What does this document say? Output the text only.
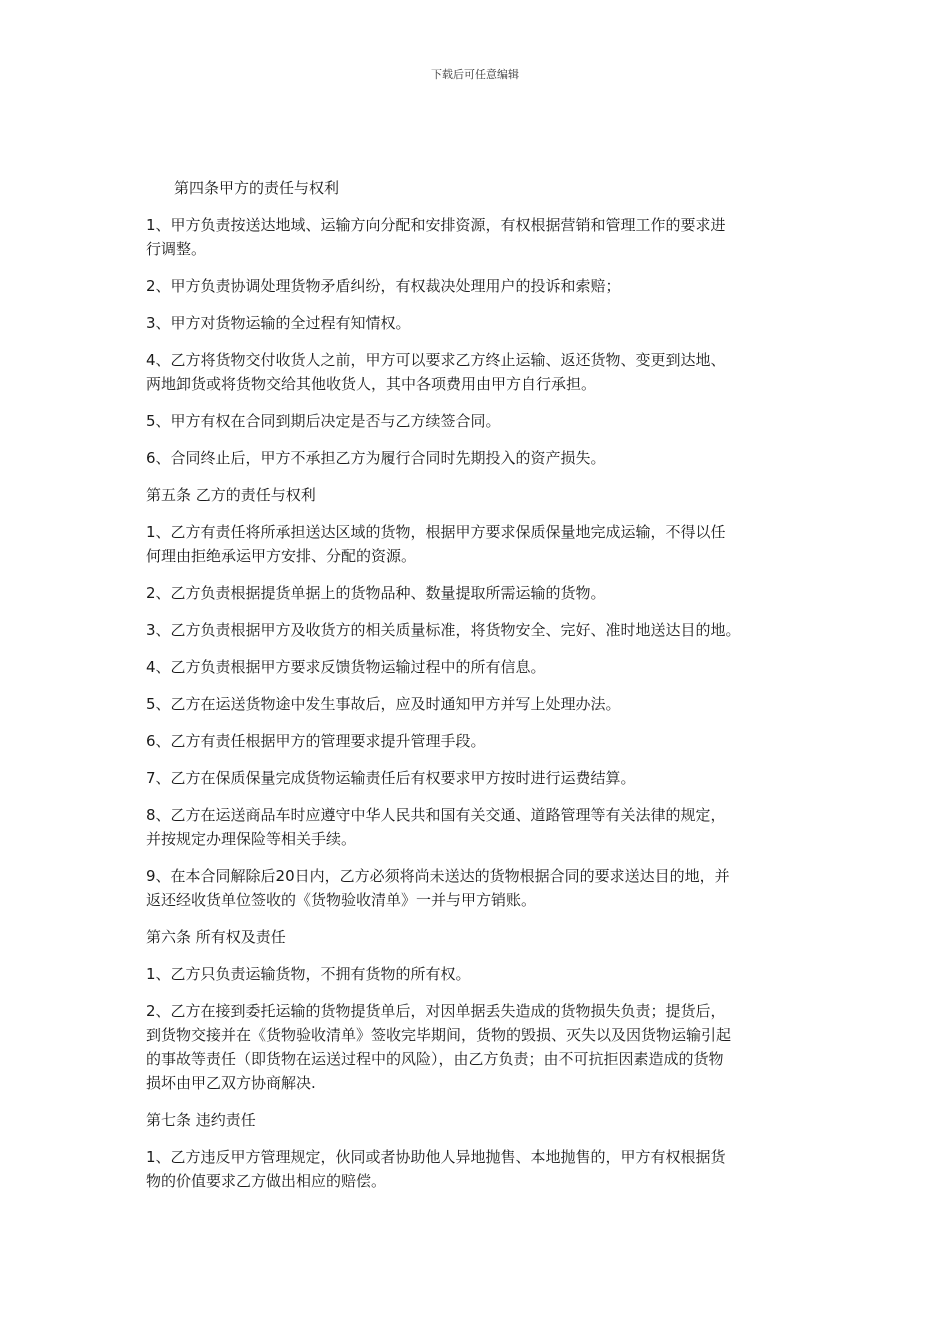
下载后可任意编辑

第四条甲方的责任与权利

1、甲方负责按送达地域、运输方向分配和安排资源，有权根据营销和管理工作的要求进

行调整。

2、甲方负责协调处理货物矛盾纠纷，有权裁决处理用户的投诉和索赔；

3、甲方对货物运输的全过程有知情权。

4、乙方将货物交付收货人之前，甲方可以要求乙方终止运输、返还货物、变更到达地、

两地卸货或将货物交给其他收货人，其中各项费用由甲方自行承担。

5、甲方有权在合同到期后决定是否与乙方续签合同。

6、合同终止后，甲方不承担乙方为履行合同时先期投入的资产损失。

第五条 乙方的责任与权利

1、乙方有责任将所承担送达区域的货物，根据甲方要求保质保量地完成运输，不得以任

何理由拒绝承运甲方安排、分配的资源。

2、乙方负责根据提货单据上的货物品种、数量提取所需运输的货物。

3、乙方负责根据甲方及收货方的相关质量标准，将货物安全、完好、准时地送达目的地。

4、乙方负责根据甲方要求反馈货物运输过程中的所有信息。

5、乙方在运送货物途中发生事故后，应及时通知甲方并写上处理办法。

6、乙方有责任根据甲方的管理要求提升管理手段。

7、乙方在保质保量完成货物运输责任后有权要求甲方按时进行运费结算。

8、乙方在运送商品车时应遵守中华人民共和国有关交通、道路管理等有关法律的规定，

并按规定办理保险等相关手续。

9、在本合同解除后20日内，乙方必须将尚未送达的货物根据合同的要求送达目的地，并

返还经收货单位签收的《货物验收清单》一并与甲方销账。

第六条 所有权及责任

1、乙方只负责运输货物，不拥有货物的所有权。

2、乙方在接到委托运输的货物提货单后，对因单据丢失造成的货物损失负责；提货后，

到货物交接并在《货物验收清单》签收完毕期间，货物的毁损、灭失以及因货物运输引起

的事故等责任（即货物在运送过程中的风险），由乙方负责；由不可抗拒因素造成的货物

损坏由甲乙双方协商解决.

第七条 违约责任

1、乙方违反甲方管理规定，伙同或者协助他人异地抛售、本地抛售的，甲方有权根据货

物的价值要求乙方做出相应的赔偿。
